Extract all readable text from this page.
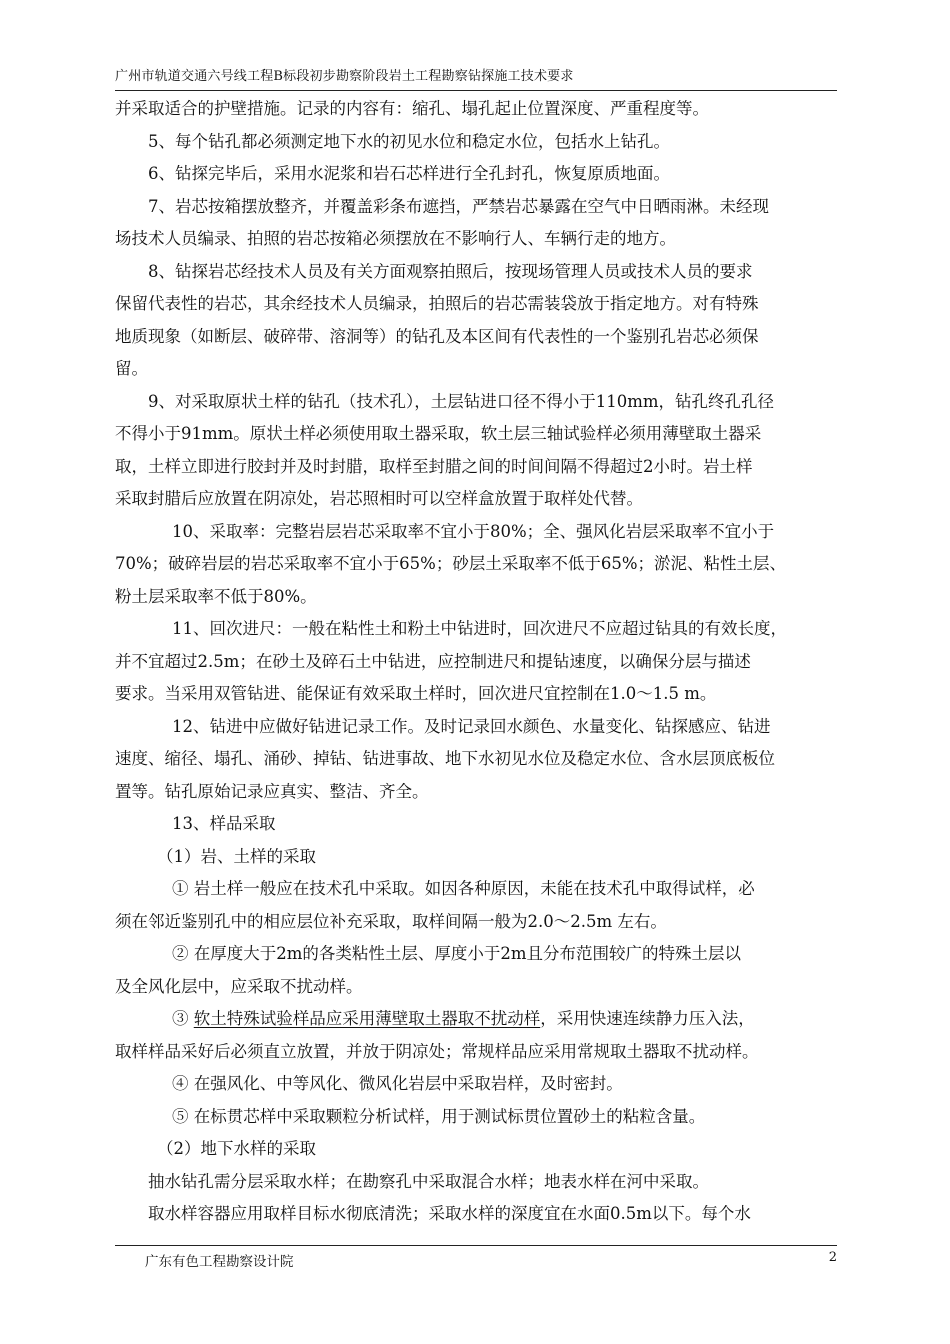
广州市轨道交通六号线工程B标段初步勘察阶段岩土工程勘察钻探施工技术要求

并采取适合的护壁措施。记录的内容有：缩孔、塌孔起止位置深度、严重程度等。

5、每个钻孔都必须测定地下水的初见水位和稳定水位，包括水上钻孔。

6、钻探完毕后，采用水泥浆和岩石芯样进行全孔封孔，恢复原质地面。

7、岩芯按箱摆放整齐，并覆盖彩条布遮挡，严禁岩芯暴露在空气中日晒雨淋。未经现

场技术人员编录、拍照的岩芯按箱必须摆放在不影响行人、车辆行走的地方。

8、钻探岩芯经技术人员及有关方面观察拍照后，按现场管理人员或技术人员的要求

保留代表性的岩芯，其余经技术人员编录，拍照后的岩芯需装袋放于指定地方。对有特殊

地质现象（如断层、破碎带、溶洞等）的钻孔及本区间有代表性的一个鉴别孔岩芯必须保

留。

9、对采取原状土样的钻孔（技术孔），土层钻进口径不得小于110mm，钻孔终孔孔径

不得小于91mm。原状土样必须使用取土器采取，软土层三轴试验样必须用薄壁取土器采

取，土样立即进行胶封并及时封腊，取样至封腊之间的时间间隔不得超过2小时。岩土样

采取封腊后应放置在阴凉处，岩芯照相时可以空样盒放置于取样处代替。

10、采取率：完整岩层岩芯采取率不宜小于80%；全、强风化岩层采取率不宜小于

70%；破碎岩层的岩芯采取率不宜小于65%；砂层土采取率不低于65%；淤泥、粘性土层、

粉土层采取率不低于80%。

11、回次进尺：一般在粘性土和粉土中钻进时，回次进尺不应超过钻具的有效长度，

并不宜超过2.5m；在砂土及碎石土中钻进，应控制进尺和提钻速度，以确保分层与描述

要求。当采用双管钻进、能保证有效采取土样时，回次进尺宜控制在1.0～1.5 m。

12、钻进中应做好钻进记录工作。及时记录回水颜色、水量变化、钻探感应、钻进

速度、缩径、塌孔、涌砂、掉钻、钻进事故、地下水初见水位及稳定水位、含水层顶底板位

置等。钻孔原始记录应真实、整洁、齐全。

13、样品采取

（1）岩、土样的采取

① 岩土样一般应在技术孔中采取。如因各种原因，未能在技术孔中取得试样，必

须在邻近鉴别孔中的相应层位补充采取，取样间隔一般为2.0～2.5m 左右。

② 在厚度大于2m的各类粘性土层、厚度小于2m且分布范围较广的特殊土层以

及全风化层中，应采取不扰动样。

③ 软土特殊试验样品应采用薄壁取土器取不扰动样，采用快速连续静力压入法，

取样样品采好后必须直立放置，并放于阴凉处；常规样品应采用常规取土器取不扰动样。

④ 在强风化、中等风化、微风化岩层中采取岩样，及时密封。

⑤ 在标贯芯样中采取颗粒分析试样，用于测试标贯位置砂土的粘粒含量。

（2）地下水样的采取

抽水钻孔需分层采取水样；在勘察孔中采取混合水样；地表水样在河中采取。

取水样容器应用取样目标水彻底清洗；采取水样的深度宜在水面0.5m以下。每个水

广东有色工程勘察设计院	2
